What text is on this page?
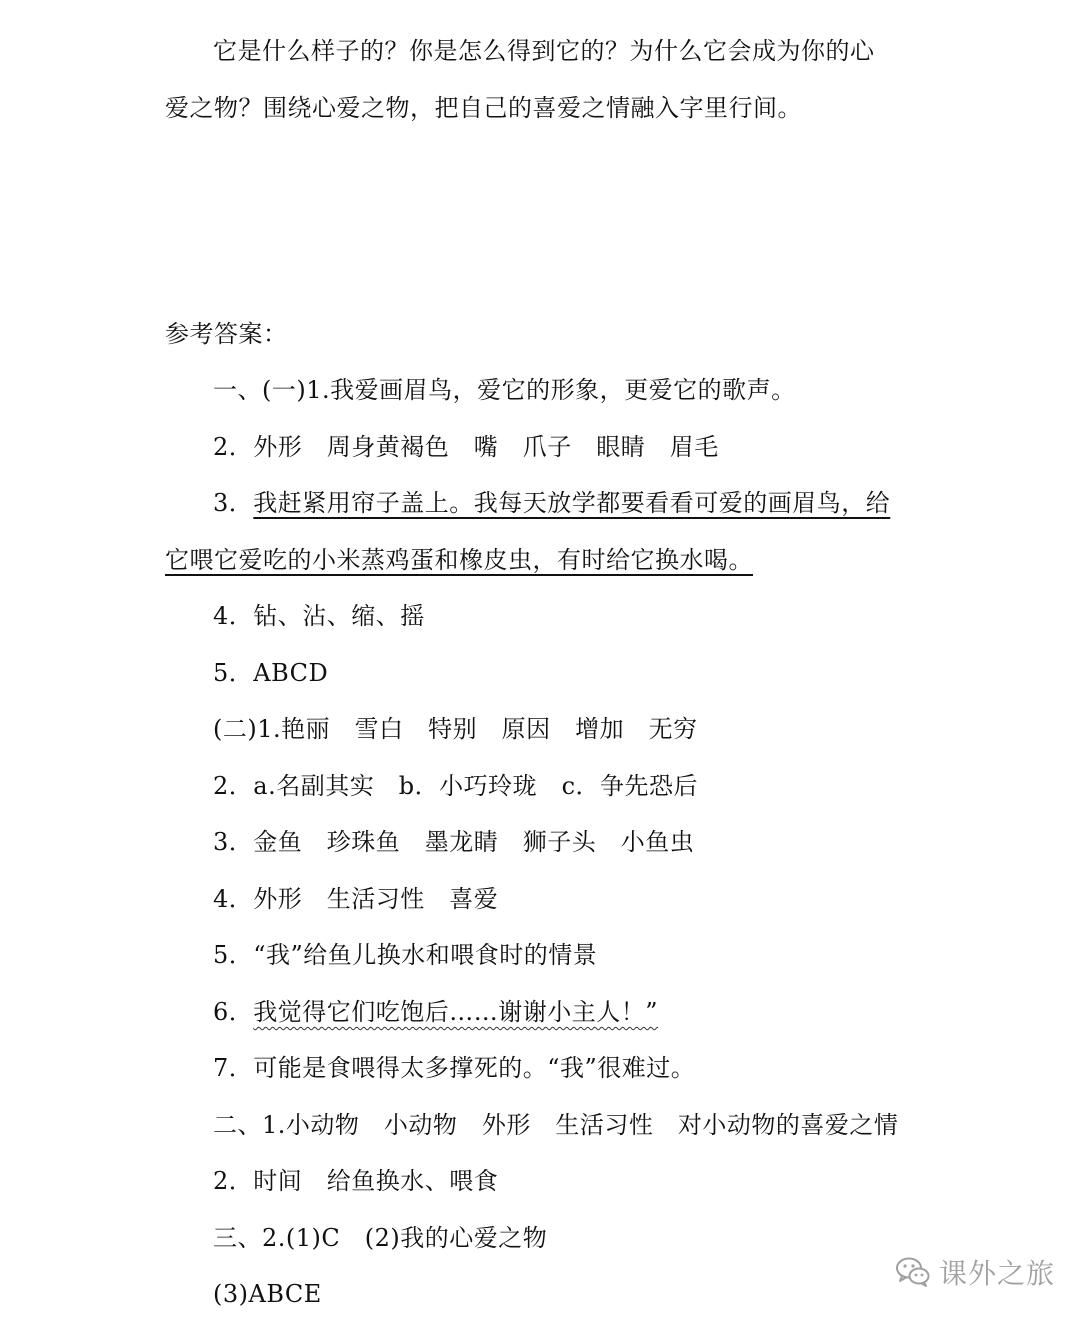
它是什么样子的？你是怎么得到它的？为什么它会成为你的心
爱之物？围绕心爱之物，把自己的喜爱之情融入字里行间。
参考答案：
一、(一)1.我爱画眉鸟，爱它的形象，更爱它的歌声。
2．外形　周身黄褐色　嘴　爪子　眼睛　眉毛
3．我赶紧用帘子盖上。我每天放学都要看看可爱的画眉鸟，给
它喂它爱吃的小米蒸鸡蛋和橡皮虫，有时给它换水喝。
4．钻、沾、缩、摇
5．ABCD
(二)1.艳丽　雪白　特别　原因　增加　无穷
2．a.名副其实　b．小巧玲珑　c．争先恐后
3．金鱼　珍珠鱼　墨龙睛　狮子头　小鱼虫
4．外形　生活习性　喜爱
5．“我”给鱼儿换水和喂食时的情景
6．我觉得它们吃饱后……谢谢小主人！”
7．可能是食喂得太多撑死的。“我”很难过。
二、1.小动物　小动物　外形　生活习性　对小动物的喜爱之情
2．时间　给鱼换水、喂食
三、2.(1)C　(2)我的心爱之物
(3)ABCE
课外之旅
